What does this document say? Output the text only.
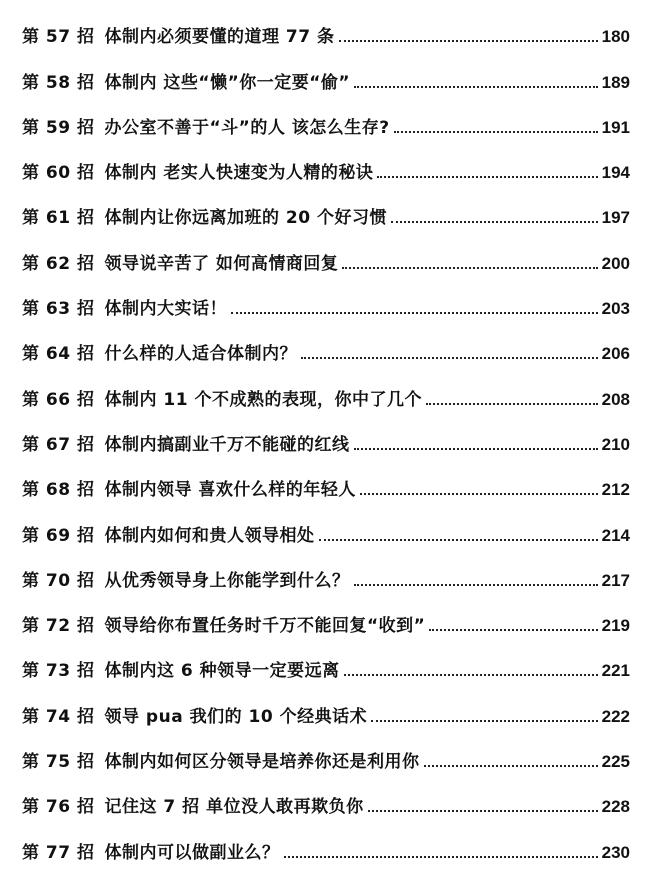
第 57 招 体制内必须要懂的道理 77 条	180
第 58 招 体制内 这些“懒”你一定要“偷”	189
第 59 招 办公室不善于“斗”的人 该怎么生存?	191
第 60 招 体制内 老实人快速变为人精的秘诀	194
第 61 招 体制内让你远离加班的 20 个好习惯	197
第 62 招 领导说辛苦了 如何高情商回复	200
第 63 招 体制内大实话！	203
第 64 招 什么样的人适合体制内？	206
第 66 招 体制内 11 个不成熟的表现，你中了几个	208
第 67 招 体制内搞副业千万不能碰的红线	210
第 68 招 体制内领导 喜欢什么样的年轻人	212
第 69 招 体制内如何和贵人领导相处	214
第 70 招 从优秀领导身上你能学到什么？	217
第 72 招 领导给你布置任务时千万不能回复“收到”	219
第 73 招 体制内这 6 种领导一定要远离	221
第 74 招 领导 pua 我们的 10 个经典话术	222
第 75 招 体制内如何区分领导是培养你还是利用你	225
第 76 招 记住这 7 招 单位没人敢再欺负你	228
第 77 招 体制内可以做副业么？	230
